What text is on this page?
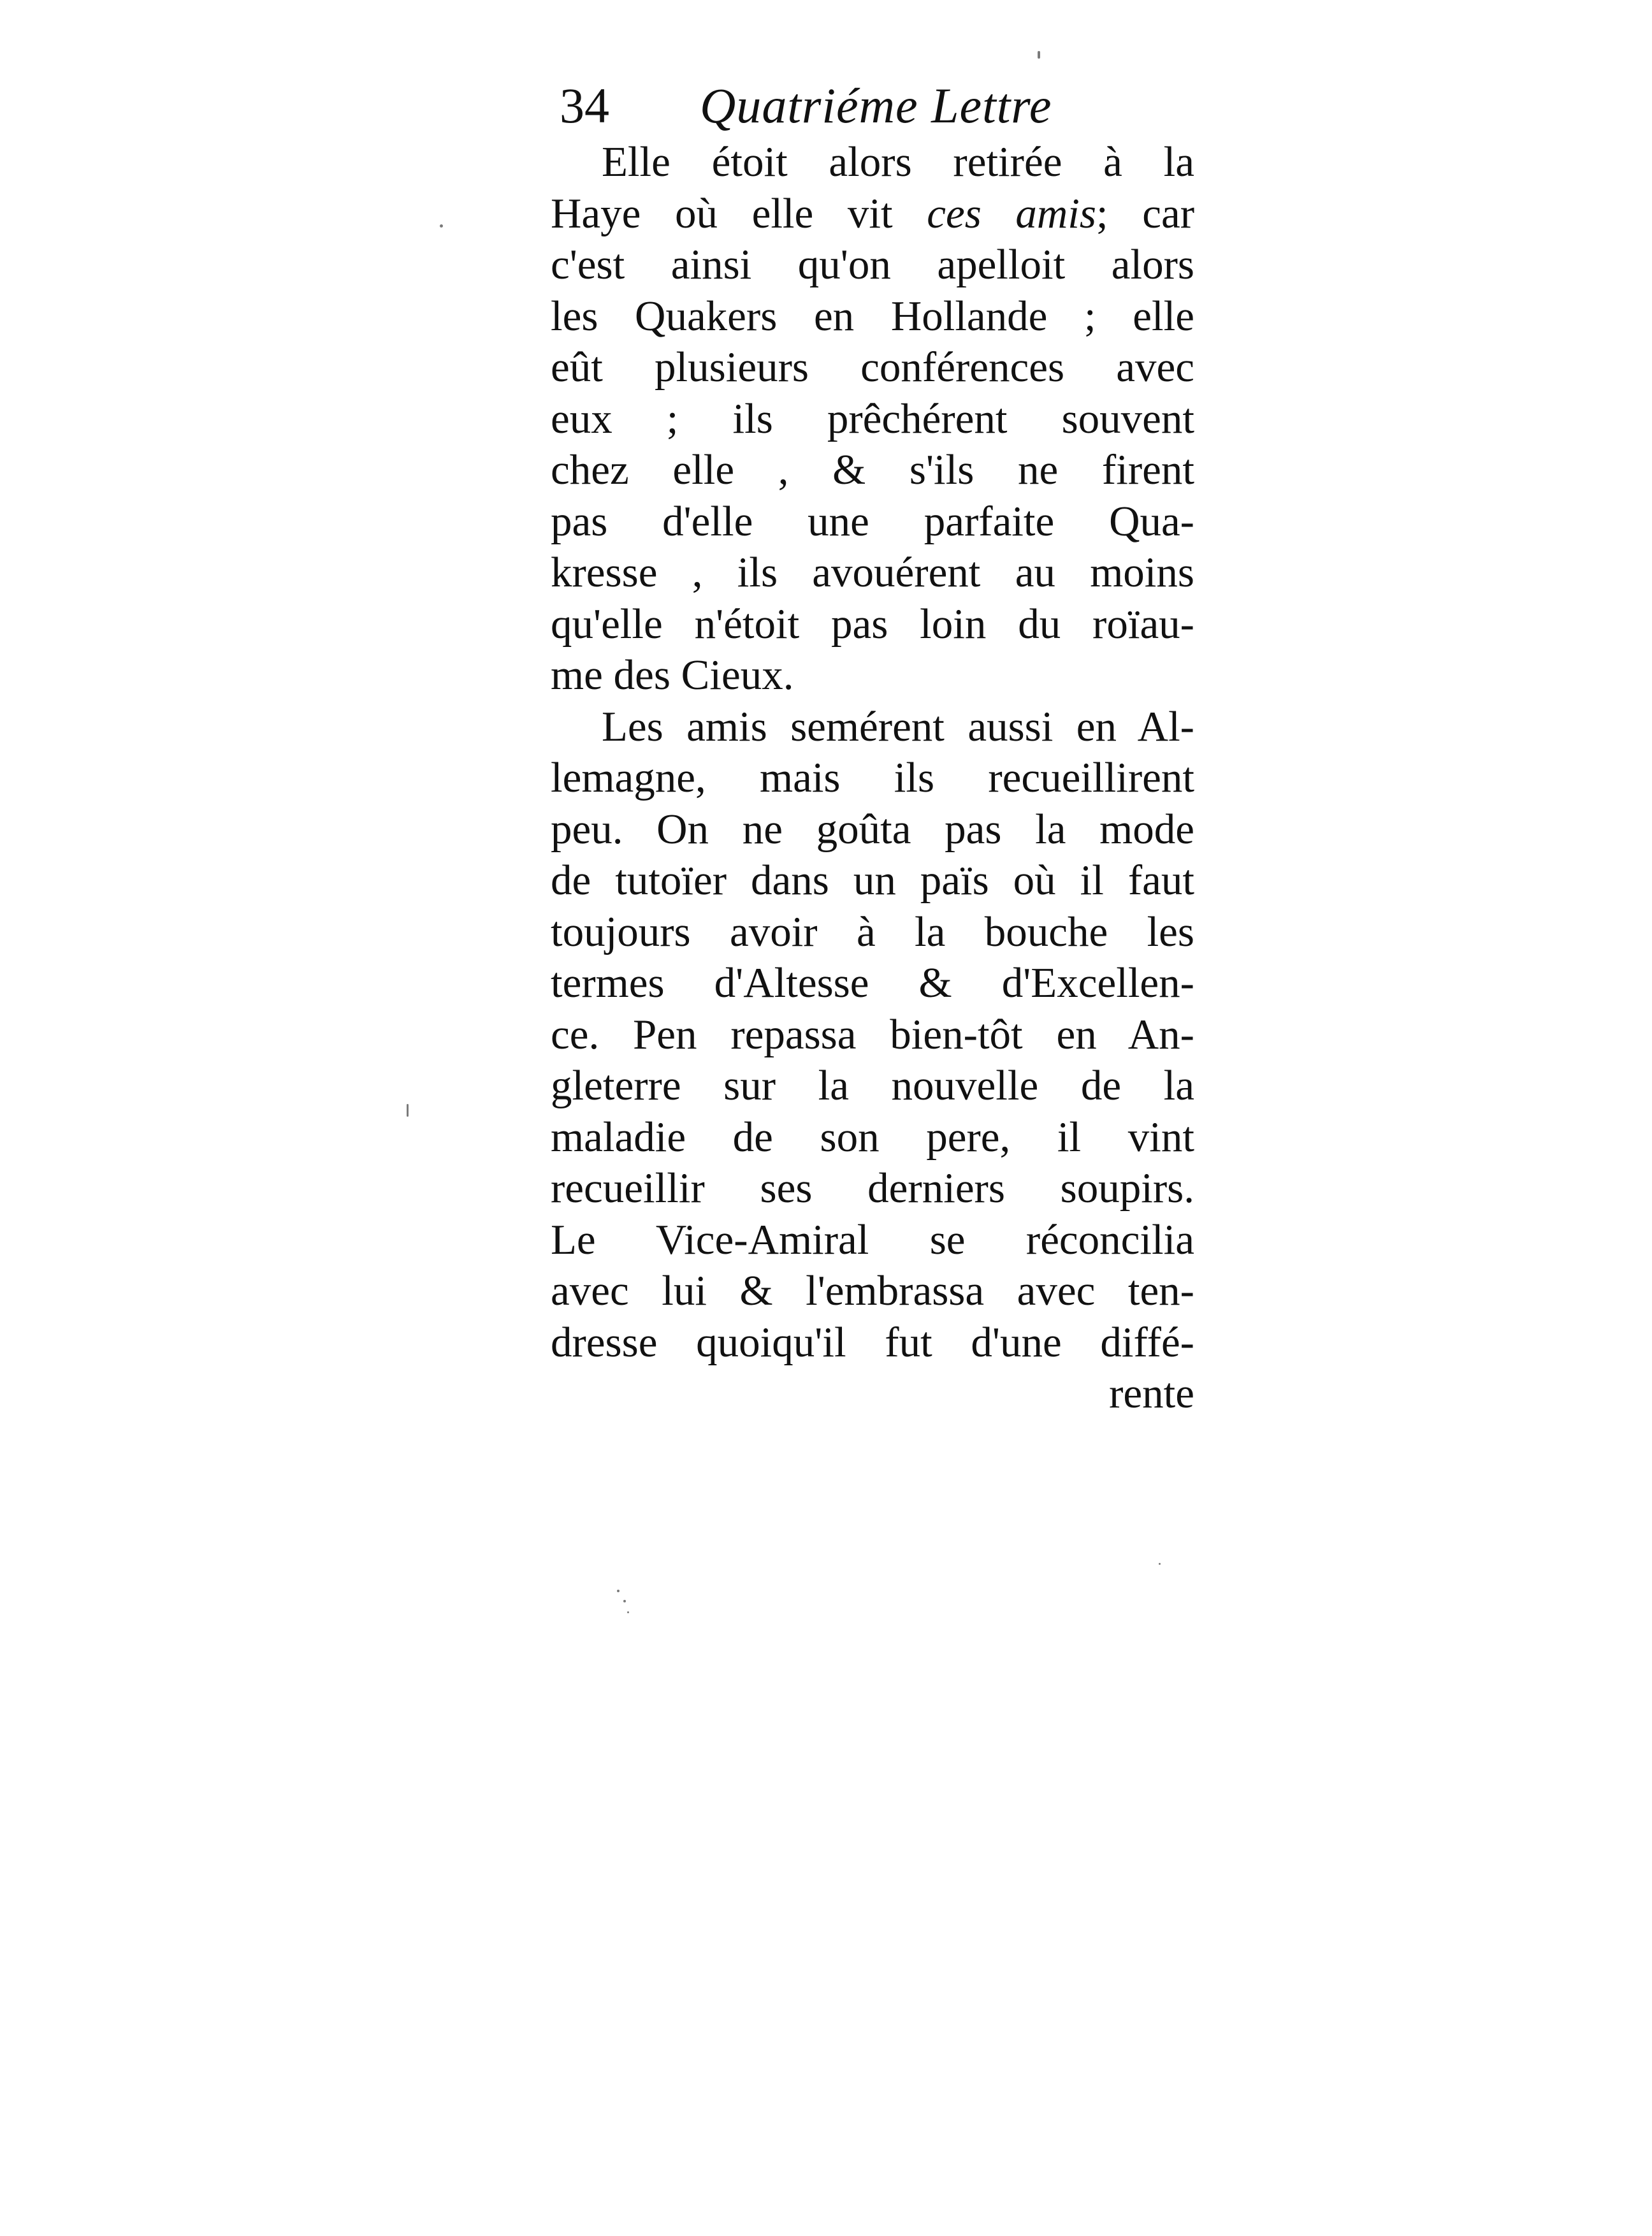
34 Quatriéme Lettre
Elle étoit alors retirée à la
Haye où elle vit ces amis; car
c'est ainsi qu'on apelloit alors
les Quakers en Hollande ; elle
eût plusieurs conférences avec
eux ; ils prêchérent souvent
chez elle , & s'ils ne firent
pas d'elle une parfaite Qua-
kresse , ils avouérent au moins
qu'elle n'étoit pas loin du roïau-
me des Cieux.
Les amis semérent aussi en Al-
lemagne, mais ils recueillirent
peu. On ne goûta pas la mode
de tutoïer dans un païs où il faut
toujours avoir à la bouche les
termes d'Altesse & d'Excellen-
ce. Pen repassa bien-tôt en An-
gleterre sur la nouvelle de la
maladie de son pere, il vint
recueillir ses derniers soupirs.
Le Vice-Amiral se réconcilia
avec lui & l'embrassa avec ten-
dresse quoiqu'il fut d'une diffé-
rente
